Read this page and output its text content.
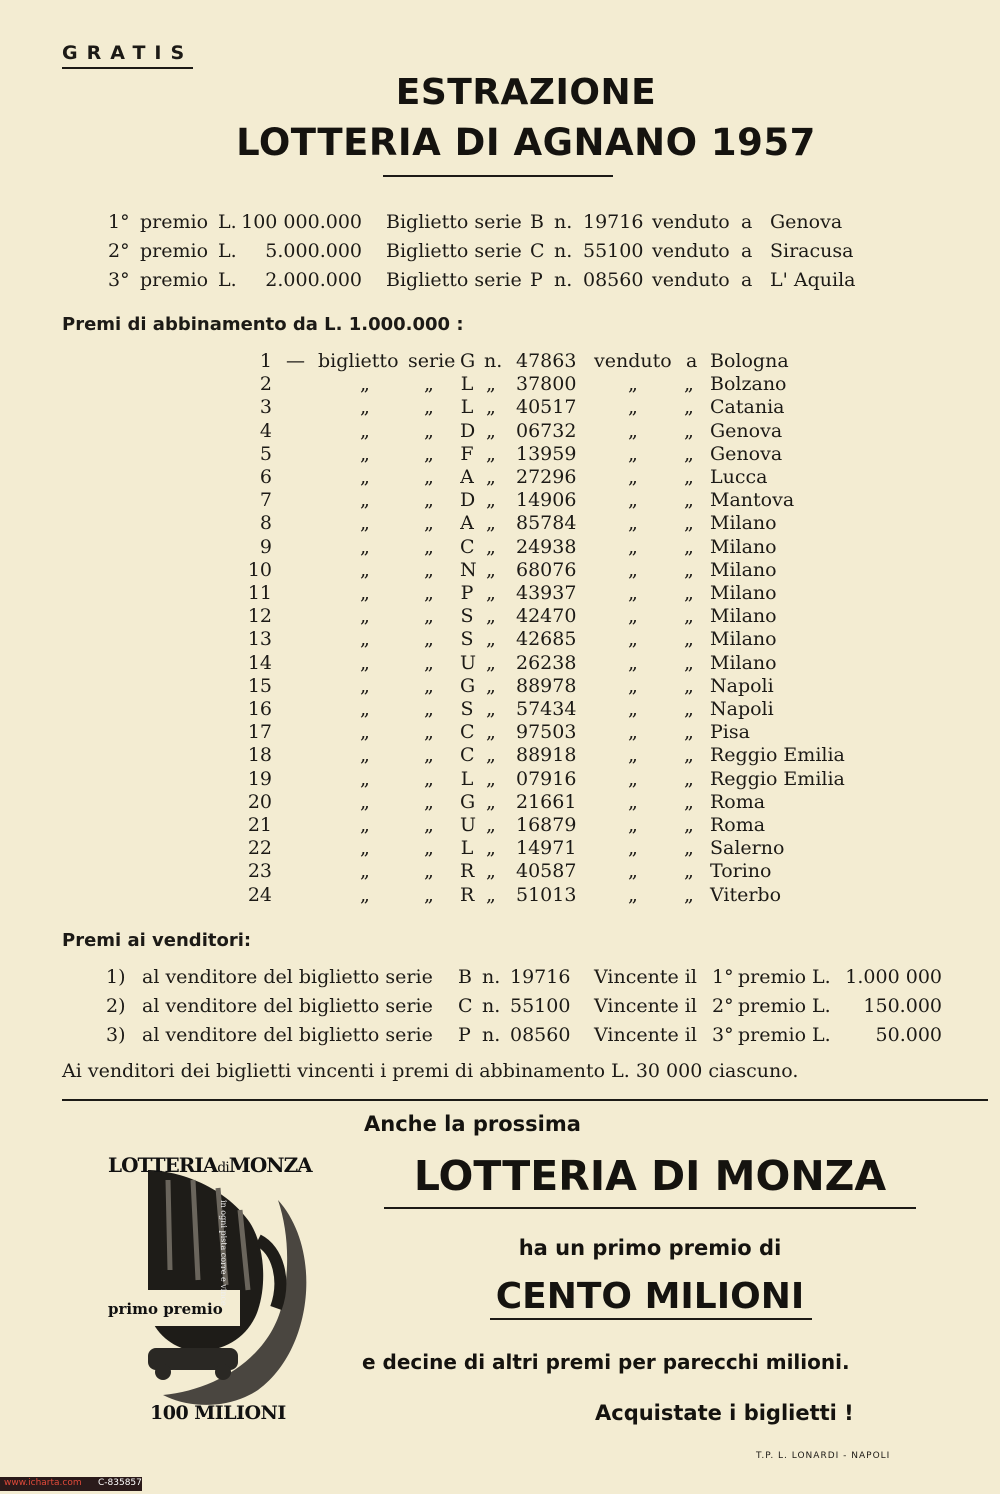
GRATIS
ESTRAZIONE
LOTTERIA DI AGNANO 1957
1° premio L. 100 000.000 Biglietto serie B n. 19716 venduto a Genova
2° premio L.	5.000.000 Biglietto serie C n. 55100 venduto a Siracusa
3° premio L.	2.000.000 Biglietto serie P n. 08560 venduto a L' Aquila
Premi di abbinamento da L. 1.000.000 :
1 — biglietto serie G n. 47863 venduto a Bologna
2	„	„ L „ 37800	„ „ Bolzano
3	„	„ L „ 40517	„ „ Catania
4	„	„ D „ 06732	„ „ Genova
5	„	„ F „ 13959	„ „ Genova
6	„	„ A „ 27296	„ „ Lucca
7	„	„ D „ 14906	„ „ Mantova
8	„	„ A „ 85784	„ „ Milano
9	„	„ C „ 24938	„ „ Milano
10	„	„ N „ 68076	„ „ Milano
11	„	„ P „ 43937	„ „ Milano
12	„	„ S „ 42470	„ „ Milano
13	„	„ S „ 42685	„ „ Milano
14	„	„ U „ 26238	„ „ Milano
15	„	„ G „ 88978	„ „ Napoli
16	„	„ S „ 57434	„ „ Napoli
17	„	„ C „ 97503	„ „ Pisa
18	„	„ C „ 88918	„ „ Reggio Emilia
19	„	„ L „ 07916	„ „ Reggio Emilia
20	„	„ G „ 21661	„ „ Roma
21	„	„ U „ 16879	„ „ Roma
22	„	„ L „ 14971	„ „ Salerno
23	„	„ R „ 40587	„ „ Torino
24	„	„ R „ 51013	„ „ Viterbo
Premi ai venditori:
1) al venditore del biglietto serie B n. 19716 Vincente il 1° premio L. 1.000 000
2) al venditore del biglietto serie C n. 55100 Vincente il 2° premio L.	150.000
3) al venditore del biglietto serie P n. 08560 Vincente il 3° premio L.	50.000
Ai venditori dei biglietti vincenti i premi di abbinamento L. 30 000 ciascuno.
Anche la prossima
LOTTERIA DI MONZA
ha un primo premio di
CENTO MILIONI
e decine di altri premi per parecchi milioni.
Acquistate i biglietti !
LOTTERIAdiMONZA
in ogni pista corre e vince
primo premio
100 MILIONI
T.P. L. LONARDI - NAPOLI
www.icharta.com C-835857
